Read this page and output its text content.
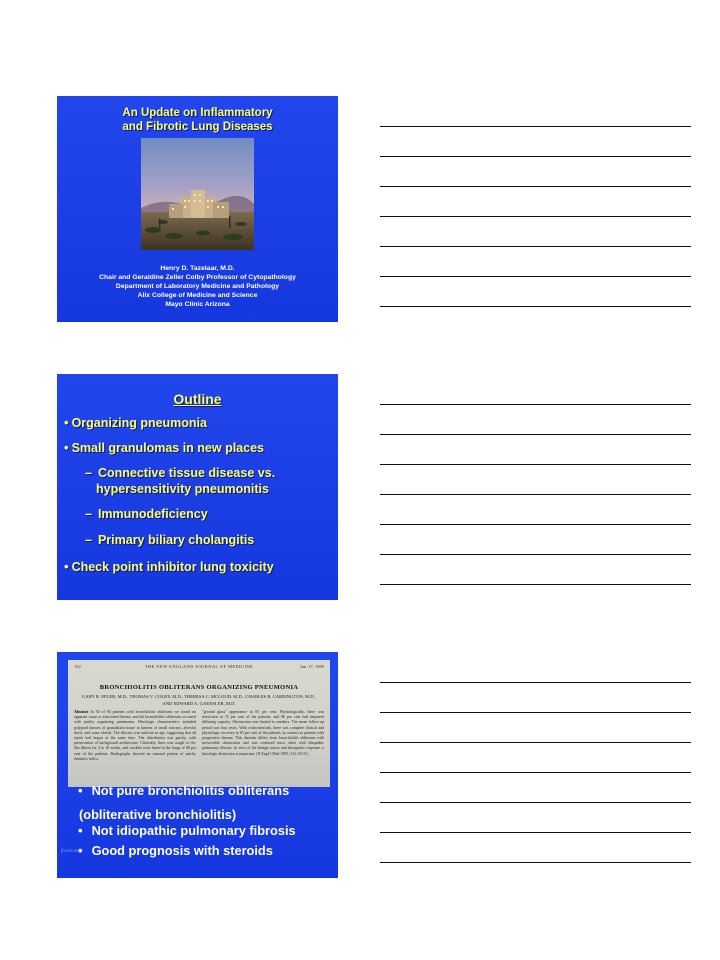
An Update on Inflammatory
and Fibrotic Lung Diseases
Henry D. Tazelaar, M.D.
Chair and Geraldine Zeller Colby Professor of Cytopathology
Department of Laboratory Medicine and Pathology
Alix College of Medicine and Science
Mayo Clinic Arizona
Outline
• Organizing pneumonia
• Small granulomas in new places
– Connective tissue disease vs.
hypersensitivity pneumonitis
– Immunodeficiency
– Primary biliary cholangitis
• Check point inhibitor lung toxicity
152	THE NEW ENGLAND JOURNAL OF MEDICINE	Jan. 17, 1985
BRONCHIOLITIS OBLITERANS ORGANIZING PNEUMONIA
GARY R. EPLER, M.D., THOMAS V. COLBY, M.D., THERESA C. MCLOUD, M.D., CHARLES B. CARRINGTON, M.D.,
AND EDWARD A. GAENSLER, M.D.
Abstract In 50 of 94 patients with bronchiolitis obliterans we found no apparent cause or associated disease, and the bronchiolitis obliterans occurred with patchy organizing pneumonia. Histologic characteristics included polypoid masses of granulation tissue in lumens of small airways, alveolar ducts, and some alveoli. The fibrosis was uniform in age, suggesting that all repair had begun at the same time. The distribution was patchy, with preservation of background architecture. Clinically, there was cough or flu-like illness for 4 to 10 weeks, and crackles were heard in the lungs of 68 per cent of the patients. Radiographs showed an unusual pattern of patchy densities with a
"ground glass" appearance in 81 per cent. Physiologically, there was restriction in 72 per cent of the patients, and 86 per cent had impaired diffusing capacity. Obstruction was limited to smokers. The mean follow-up period was four years. With corticosteroids, there was complete clinical and physiologic recovery in 65 per cent of the patients, in contrast to patients with progressive disease. This disorder differs from bronchiolitis obliterans with irreversible obstruction and was confused most often with idiopathic pulmonary fibrosis. In view of the benign course and therapeutic response, a histologic distinction is important. (N Engl J Med 1985; 312:152-8.)
• Not pure bronchiolitis obliterans
(obliterative bronchiolitis)
• Not idiopathic pulmonary fibrosis
• Good prognosis with steroids
[footnote]
